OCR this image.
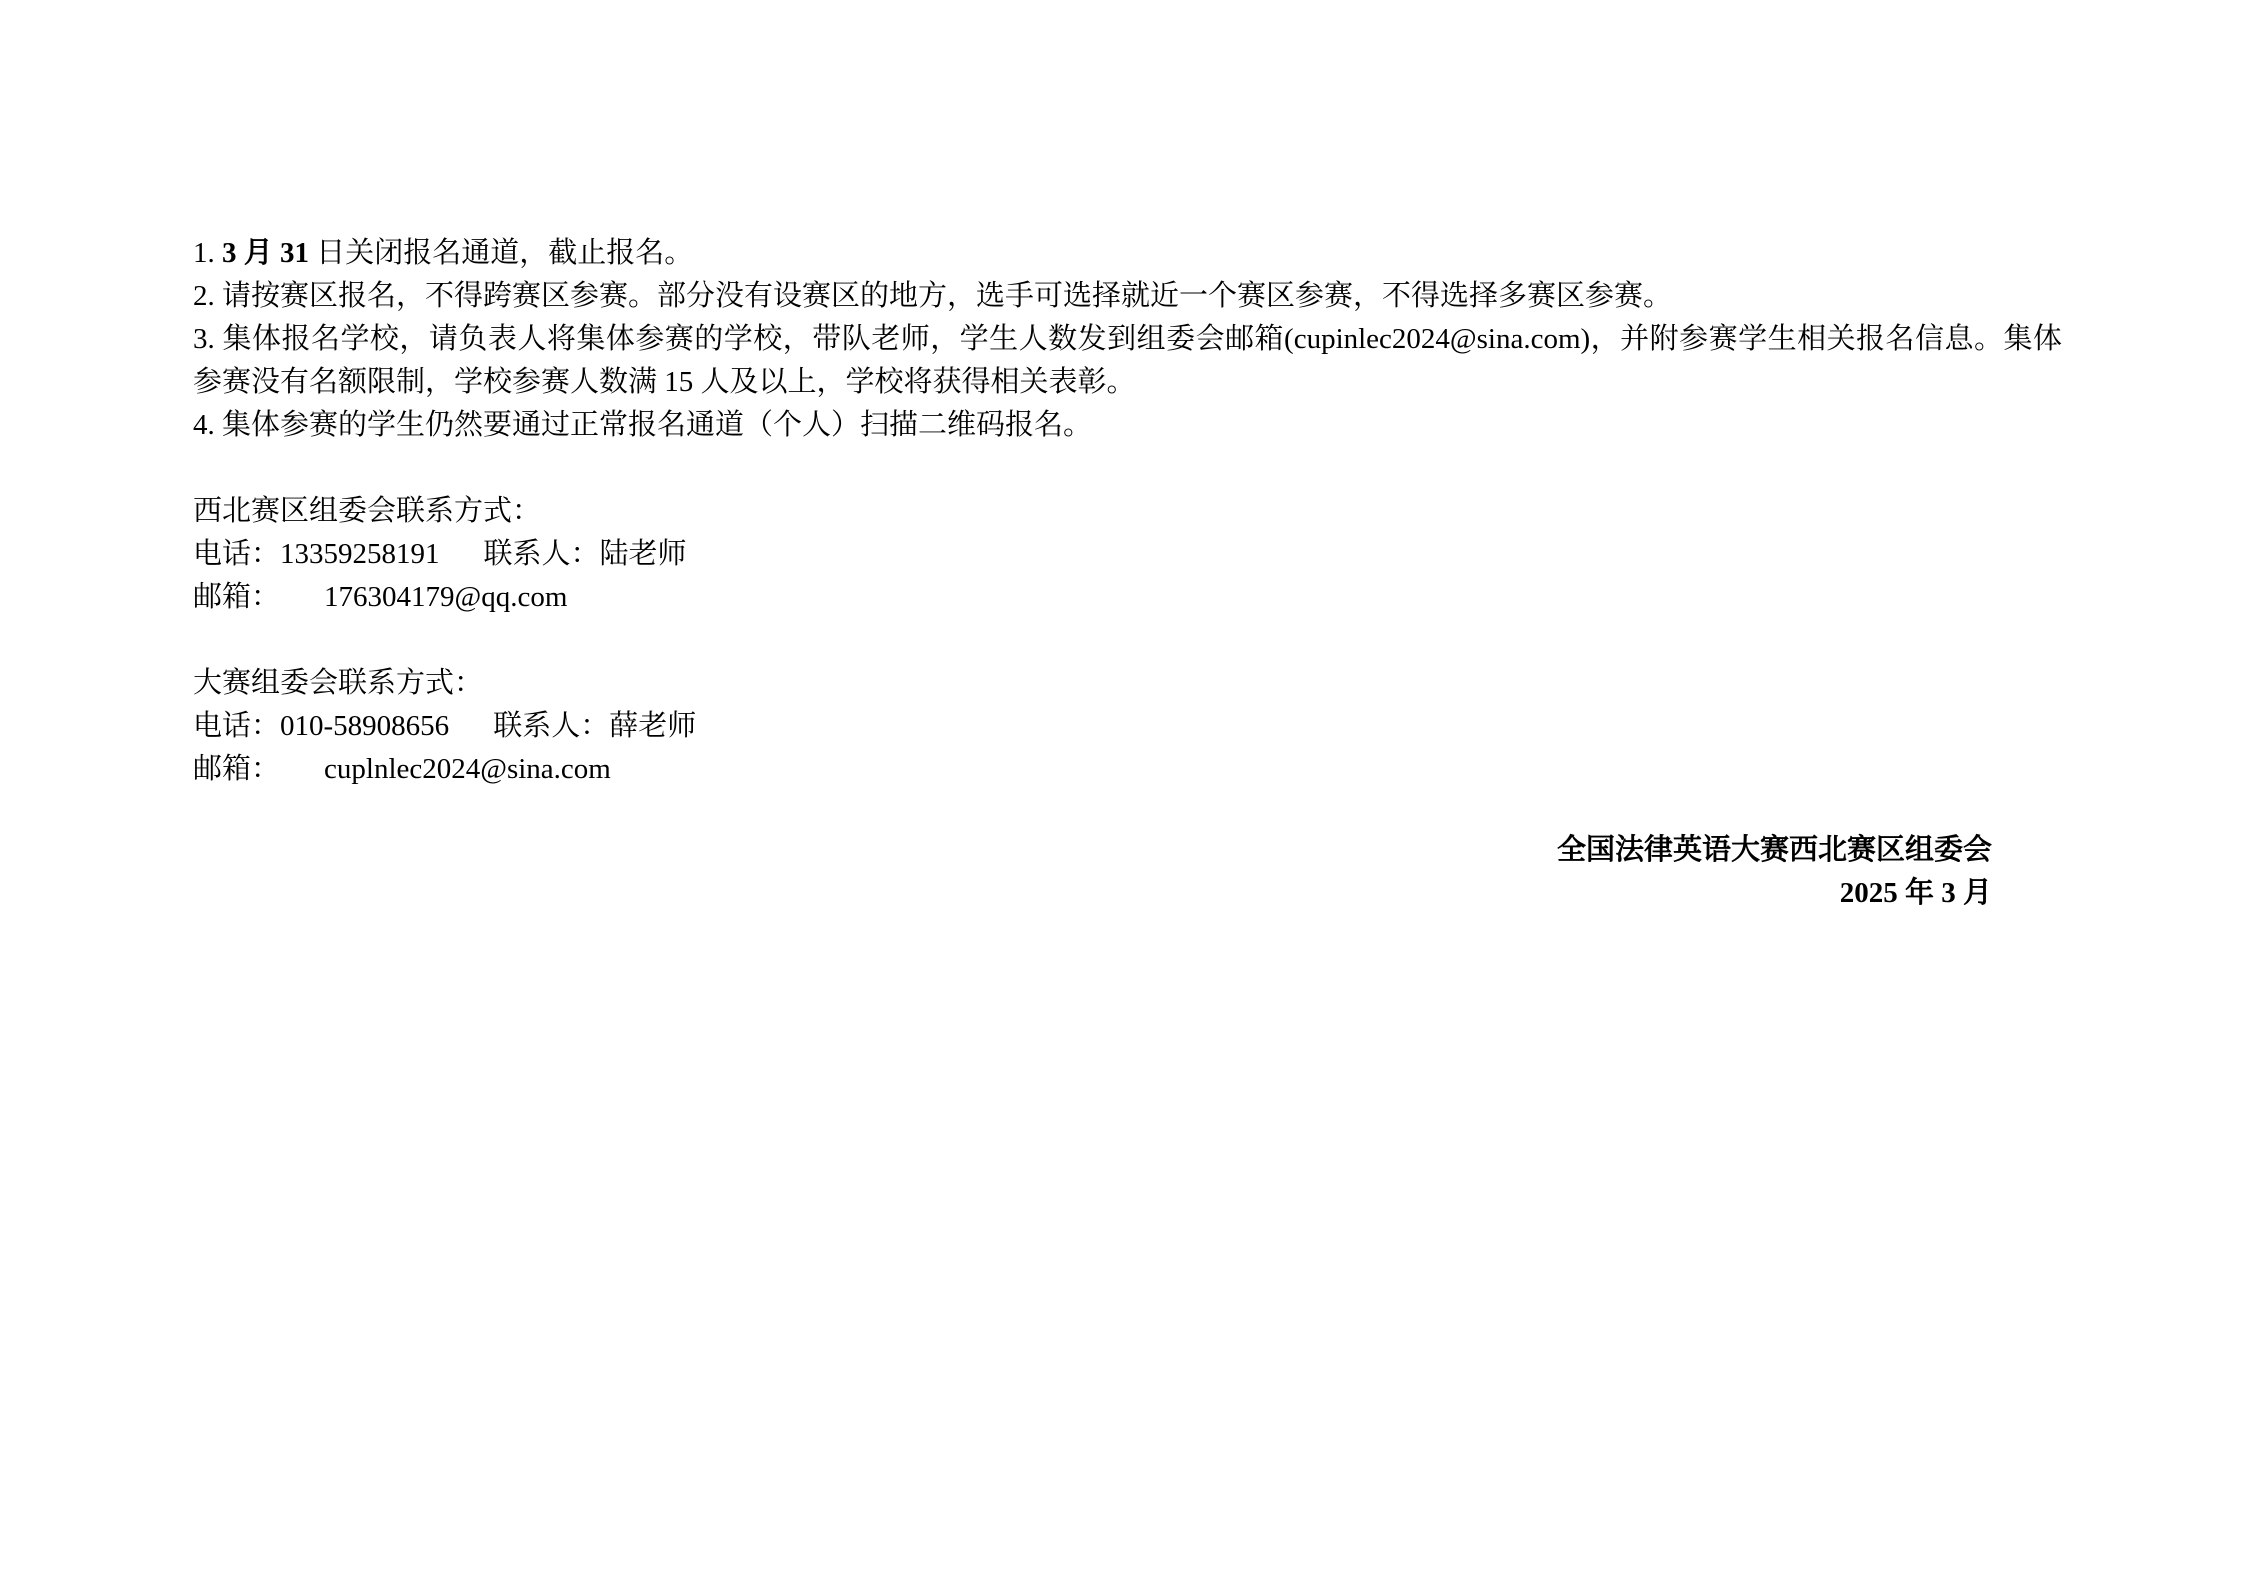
1. 3 月 31 日关闭报名通道，截止报名。

2. 请按赛区报名，不得跨赛区参赛。部分没有设赛区的地方，选手可选择就近一个赛区参赛，不得选择多赛区参赛。

3. 集体报名学校，请负表人将集体参赛的学校，带队老师，学生人数发到组委会邮箱(cupinlec2024@sina.com)，并附参赛学生相关报名信息。集体参赛没有名额限制，学校参赛人数满 15 人及以上，学校将获得相关表彰。

4. 集体参赛的学生仍然要通过正常报名通道（个人）扫描二维码报名。

西北赛区组委会联系方式：

电话：13359258191 联系人：陆老师

邮箱： 176304179@qq.com

大赛组委会联系方式：

电话：010-58908656 联系人：薛老师

邮箱： cuplnlec2024@sina.com

全国法律英语大赛西北赛区组委会

2025 年 3 月
